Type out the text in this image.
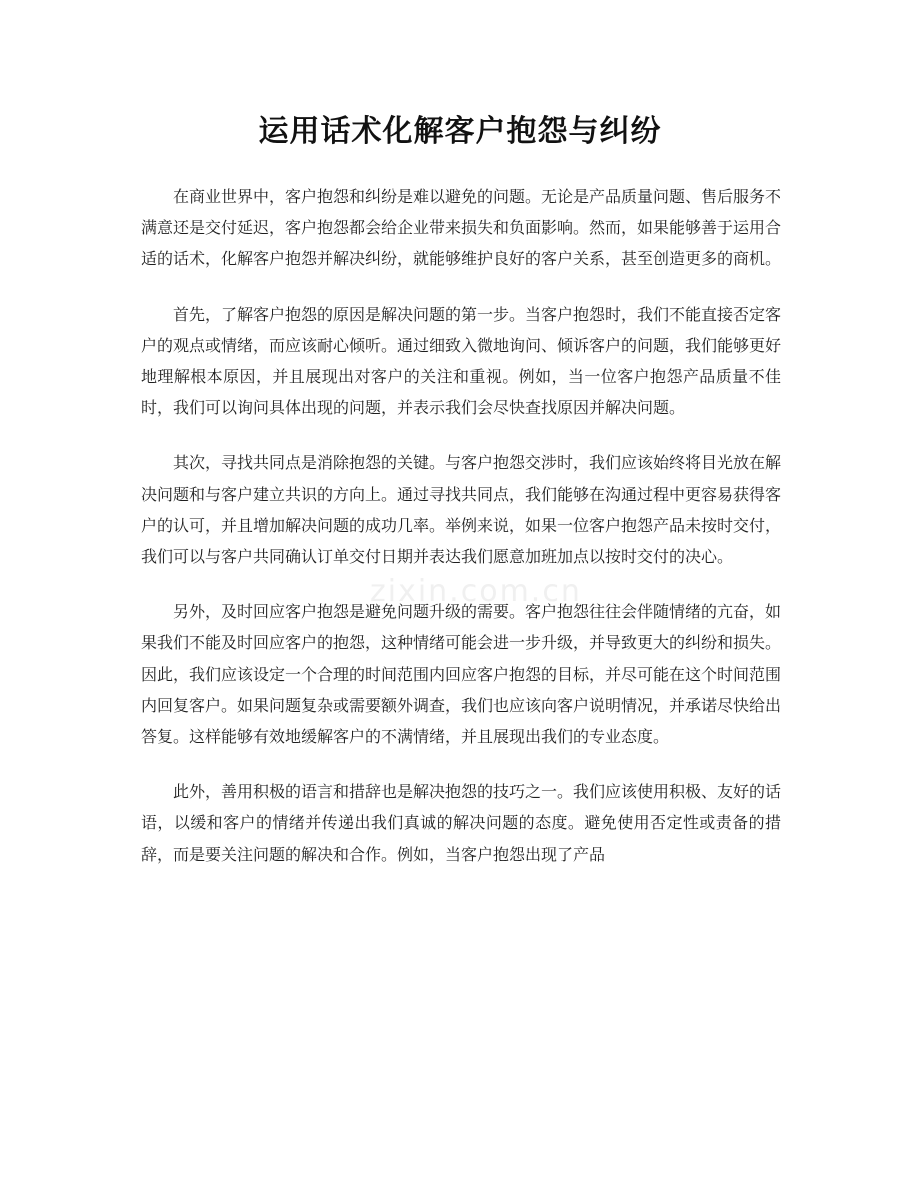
运用话术化解客户抱怨与纠纷

在商业世界中，客户抱怨和纠纷是难以避免的问题。无论是产品质量问题、售后服务不满意还是交付延迟，客户抱怨都会给企业带来损失和负面影响。然而，如果能够善于运用合适的话术，化解客户抱怨并解决纠纷，就能够维护良好的客户关系，甚至创造更多的商机。

首先，了解客户抱怨的原因是解决问题的第一步。当客户抱怨时，我们不能直接否定客户的观点或情绪，而应该耐心倾听。通过细致入微地询问、倾诉客户的问题，我们能够更好地理解根本原因，并且展现出对客户的关注和重视。例如，当一位客户抱怨产品质量不佳时，我们可以询问具体出现的问题，并表示我们会尽快查找原因并解决问题。

其次，寻找共同点是消除抱怨的关键。与客户抱怨交涉时，我们应该始终将目光放在解决问题和与客户建立共识的方向上。通过寻找共同点，我们能够在沟通过程中更容易获得客户的认可，并且增加解决问题的成功几率。举例来说，如果一位客户抱怨产品未按时交付，我们可以与客户共同确认订单交付日期并表达我们愿意加班加点以按时交付的决心。

另外，及时回应客户抱怨是避免问题升级的需要。客户抱怨往往会伴随情绪的亢奋，如果我们不能及时回应客户的抱怨，这种情绪可能会进一步升级，并导致更大的纠纷和损失。因此，我们应该设定一个合理的时间范围内回应客户抱怨的目标，并尽可能在这个时间范围内回复客户。如果问题复杂或需要额外调查，我们也应该向客户说明情况，并承诺尽快给出答复。这样能够有效地缓解客户的不满情绪，并且展现出我们的专业态度。

此外，善用积极的语言和措辞也是解决抱怨的技巧之一。我们应该使用积极、友好的话语，以缓和客户的情绪并传递出我们真诚的解决问题的态度。避免使用否定性或责备的措辞，而是要关注问题的解决和合作。例如，当客户抱怨出现了产品

zixin.com.cn
